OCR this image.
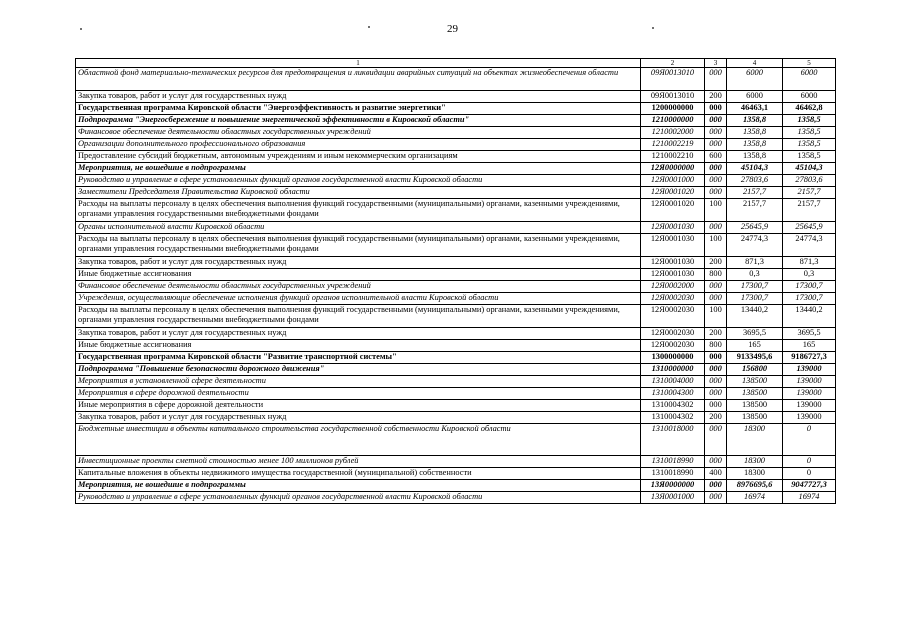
29
1	2	3	4	5
Областной фонд материально-технических ресурсов для предотвращения и ликвидации аварийных ситуаций на объектах жизнеобеспечения области	09Я0013010	000	6000	6000
Закупка товаров, работ и услуг для государственных нужд	09Я0013010	200	6000	6000
Государственная программа Кировской области "Энергоэффективность и развитие энергетики"	1200000000	000	46463,1	46462,8
Подпрограмма "Энергосбережение и повышение энергетической эффективности в Кировской области"	1210000000	000	1358,8	1358,5
Финансовое обеспечение деятельности областных государственных учреждений	1210002000	000	1358,8	1358,5
Организации дополнительного профессионального образования	1210002219	000	1358,8	1358,5
Предоставление субсидий бюджетным, автономным учреждениям и иным некоммерческим организациям	1210002210	600	1358,8	1358,5
Мероприятия, не вошедшие в подпрограммы	12Я0000000	000	45104,3	45104,3
Руководство и управление в сфере установленных функций органов государственной власти Кировской области	12Я0001000	000	27803,6	27803,6
Заместители Председателя Правительства Кировской области	12Я0001020	000	2157,7	2157,7
Расходы на выплаты персоналу в целях обеспечения выполнения функций государственными (муниципальными) органами, казенными учреждениями, органами управления государственными внебюджетными фондами	12Я0001020	100	2157,7	2157,7
Органы исполнительной власти Кировской области	12Я0001030	000	25645,9	25645,9
Расходы на выплаты персоналу в целях обеспечения выполнения функций государственными (муниципальными) органами, казенными учреждениями, органами управления государственными внебюджетными фондами	12Я0001030	100	24774,3	24774,3
Закупка товаров, работ и услуг для государственных нужд	12Я0001030	200	871,3	871,3
Иные бюджетные ассигнования	12Я0001030	800	0,3	0,3
Финансовое обеспечение деятельности областных государственных учреждений	12Я0002000	000	17300,7	17300,7
Учреждения, осуществляющие обеспечение исполнения функций органов исполнительной власти Кировской области	12Я0002030	000	17300,7	17300,7
Расходы на выплаты персоналу в целях обеспечения выполнения функций государственными (муниципальными) органами, казенными учреждениями, органами управления государственными внебюджетными фондами	12Я0002030	100	13440,2	13440,2
Закупка товаров, работ и услуг для государственных нужд	12Я0002030	200	3695,5	3695,5
Иные бюджетные ассигнования	12Я0002030	800	165	165
Государственная программа Кировской области "Развитие транспортной системы"	1300000000	000	9133495,6	9186727,3
Подпрограмма "Повышение безопасности дорожного движения"	1310000000	000	156800	139000
Мероприятия в установленной сфере деятельности	1310004000	000	138500	139000
Мероприятия в сфере дорожной деятельности	1310004300	000	138500	139000
Иные мероприятия в сфере дорожной деятельности	1310004302	000	138500	139000
Закупка товаров, работ и услуг для государственных нужд	1310004302	200	138500	139000
Бюджетные инвестиции в объекты капитального строительства государственной собственности Кировской области	1310018000	000	18300	0
Инвестиционные проекты сметной стоимостью менее 100 миллионов рублей	1310018990	000	18300	0
Капитальные вложения в объекты недвижимого имущества государственной (муниципальной) собственности	1310018990	400	18300	0
Мероприятия, не вошедшие в подпрограммы	13Я0000000	000	8976695,6	9047727,3
Руководство и управление в сфере установленных функций органов государственной власти Кировской области	13Я0001000	000	16974	16974
